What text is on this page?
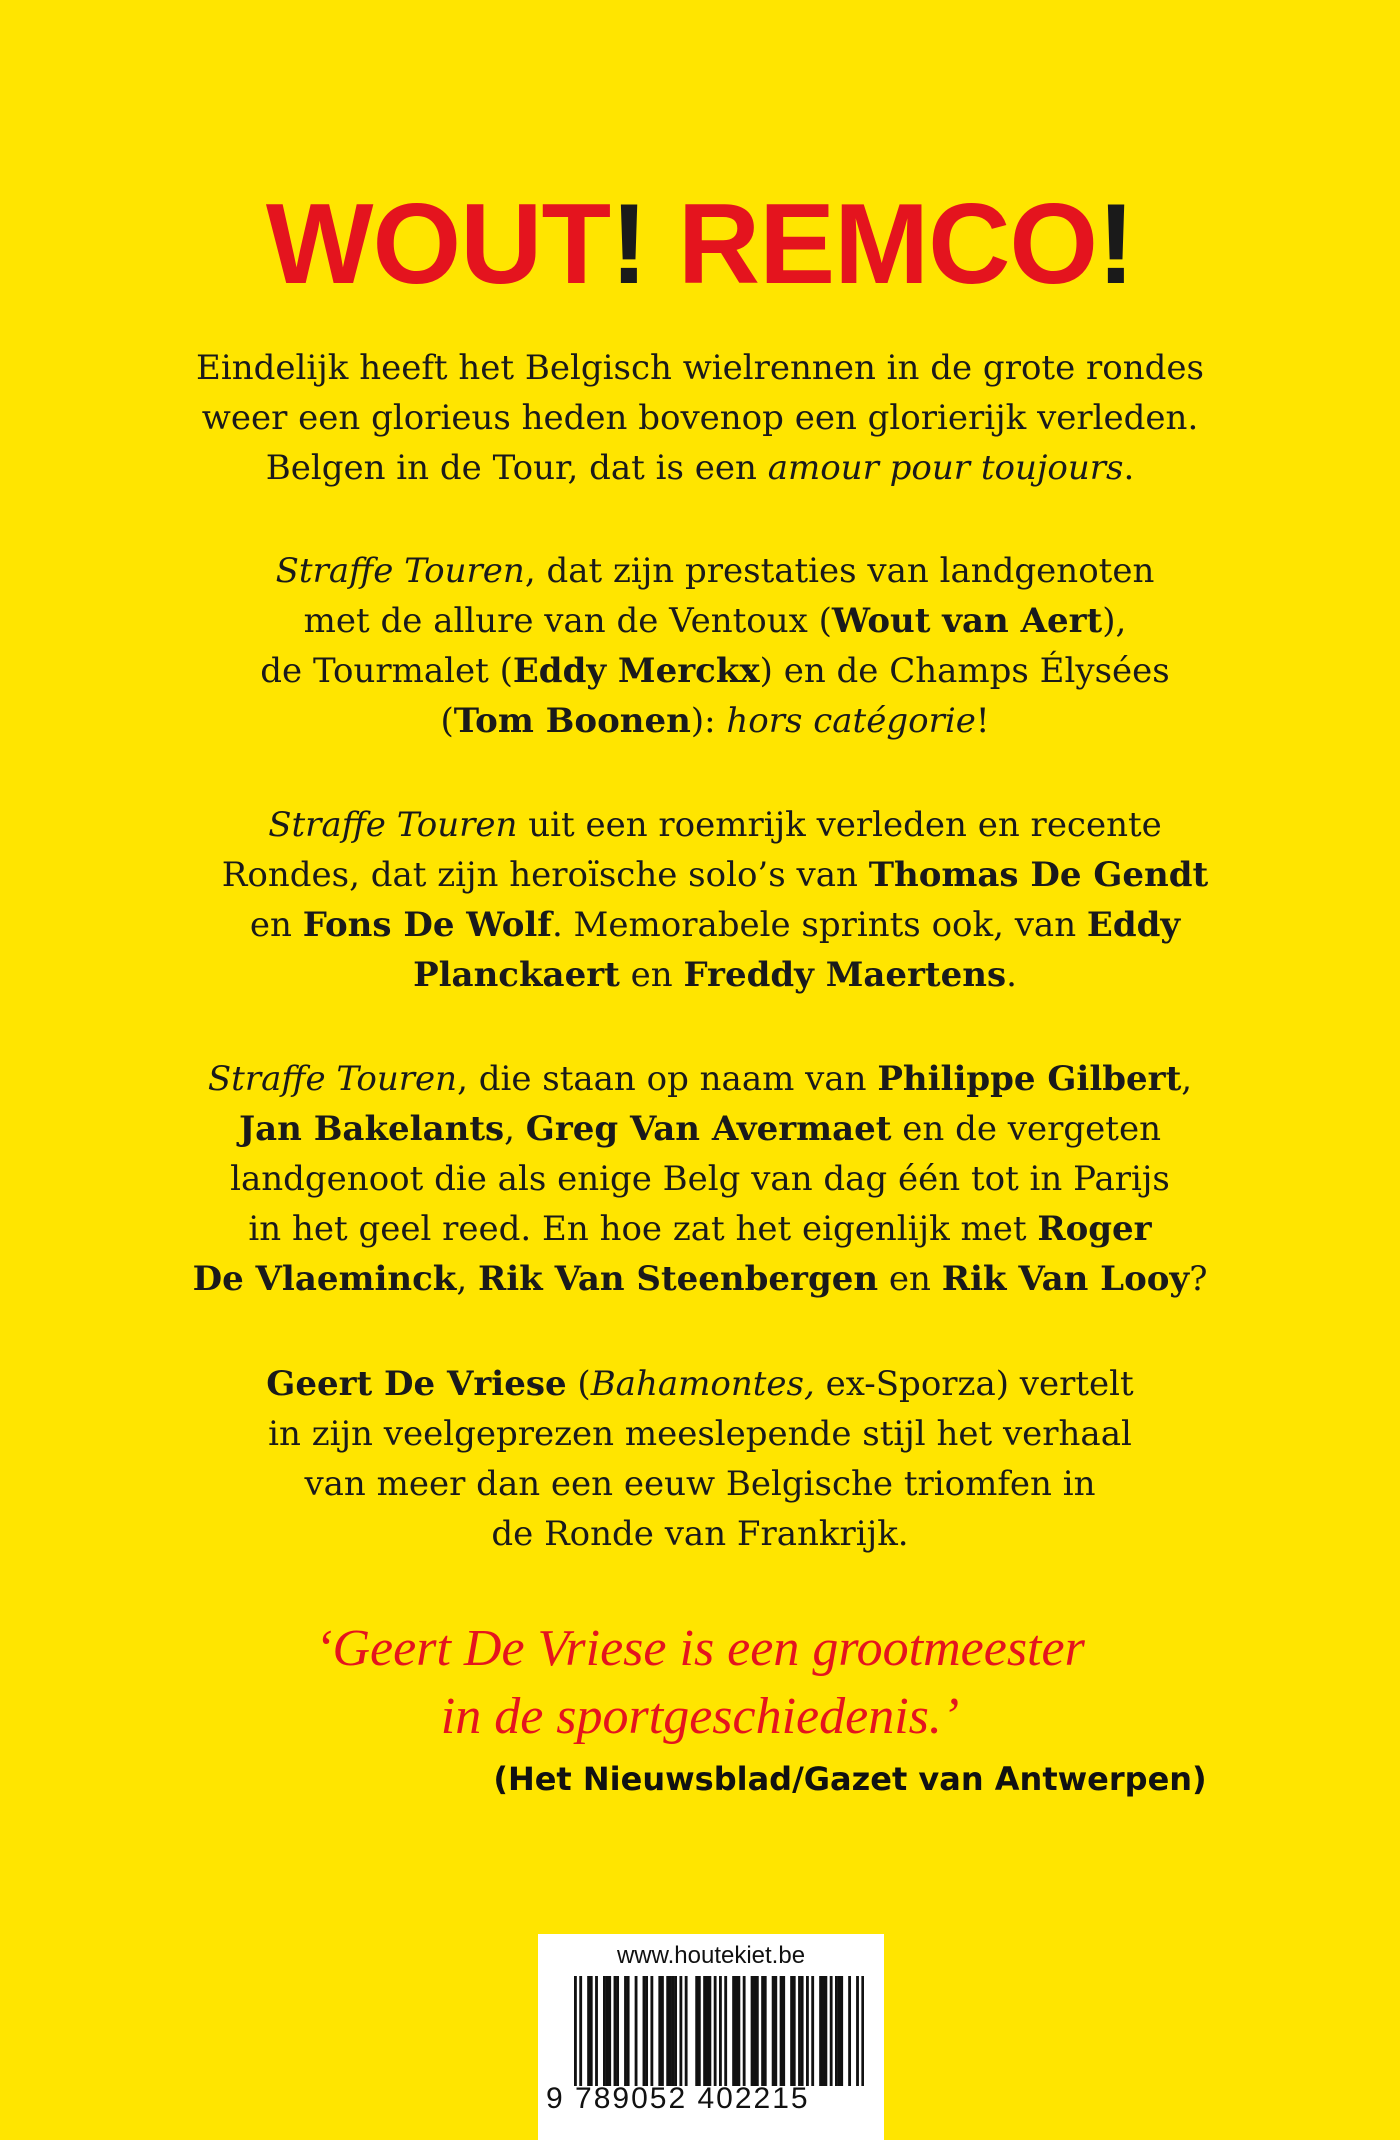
WOUT! REMCO!

Eindelijk heeft het Belgisch wielrennen in de grote rondes
weer een glorieus heden bovenop een glorierijk verleden.
Belgen in de Tour, dat is een amour pour toujours.

Straffe Touren, dat zijn prestaties van landgenoten
met de allure van de Ventoux (Wout van Aert),
de Tourmalet (Eddy Merckx) en de Champs Élysées
(Tom Boonen): hors catégorie!

Straffe Touren uit een roemrijk verleden en recente
Rondes, dat zijn heroïsche solo’s van Thomas De Gendt
en Fons De Wolf. Memorabele sprints ook, van Eddy
Planckaert en Freddy Maertens.

Straffe Touren, die staan op naam van Philippe Gilbert,
Jan Bakelants, Greg Van Avermaet en de vergeten
landgenoot die als enige Belg van dag één tot in Parijs
in het geel reed. En hoe zat het eigenlijk met Roger
De Vlaeminck, Rik Van Steenbergen en Rik Van Looy?

Geert De Vriese (Bahamontes, ex-Sporza) vertelt
in zijn veelgeprezen meeslepende stijl het verhaal
van meer dan een eeuw Belgische triomfen in
de Ronde van Frankrijk.

‘Geert De Vriese is een grootmeester
in de sportgeschiedenis.’

(Het Nieuwsblad/Gazet van Antwerpen)

www.houtekiet.be
9 789052 402215
